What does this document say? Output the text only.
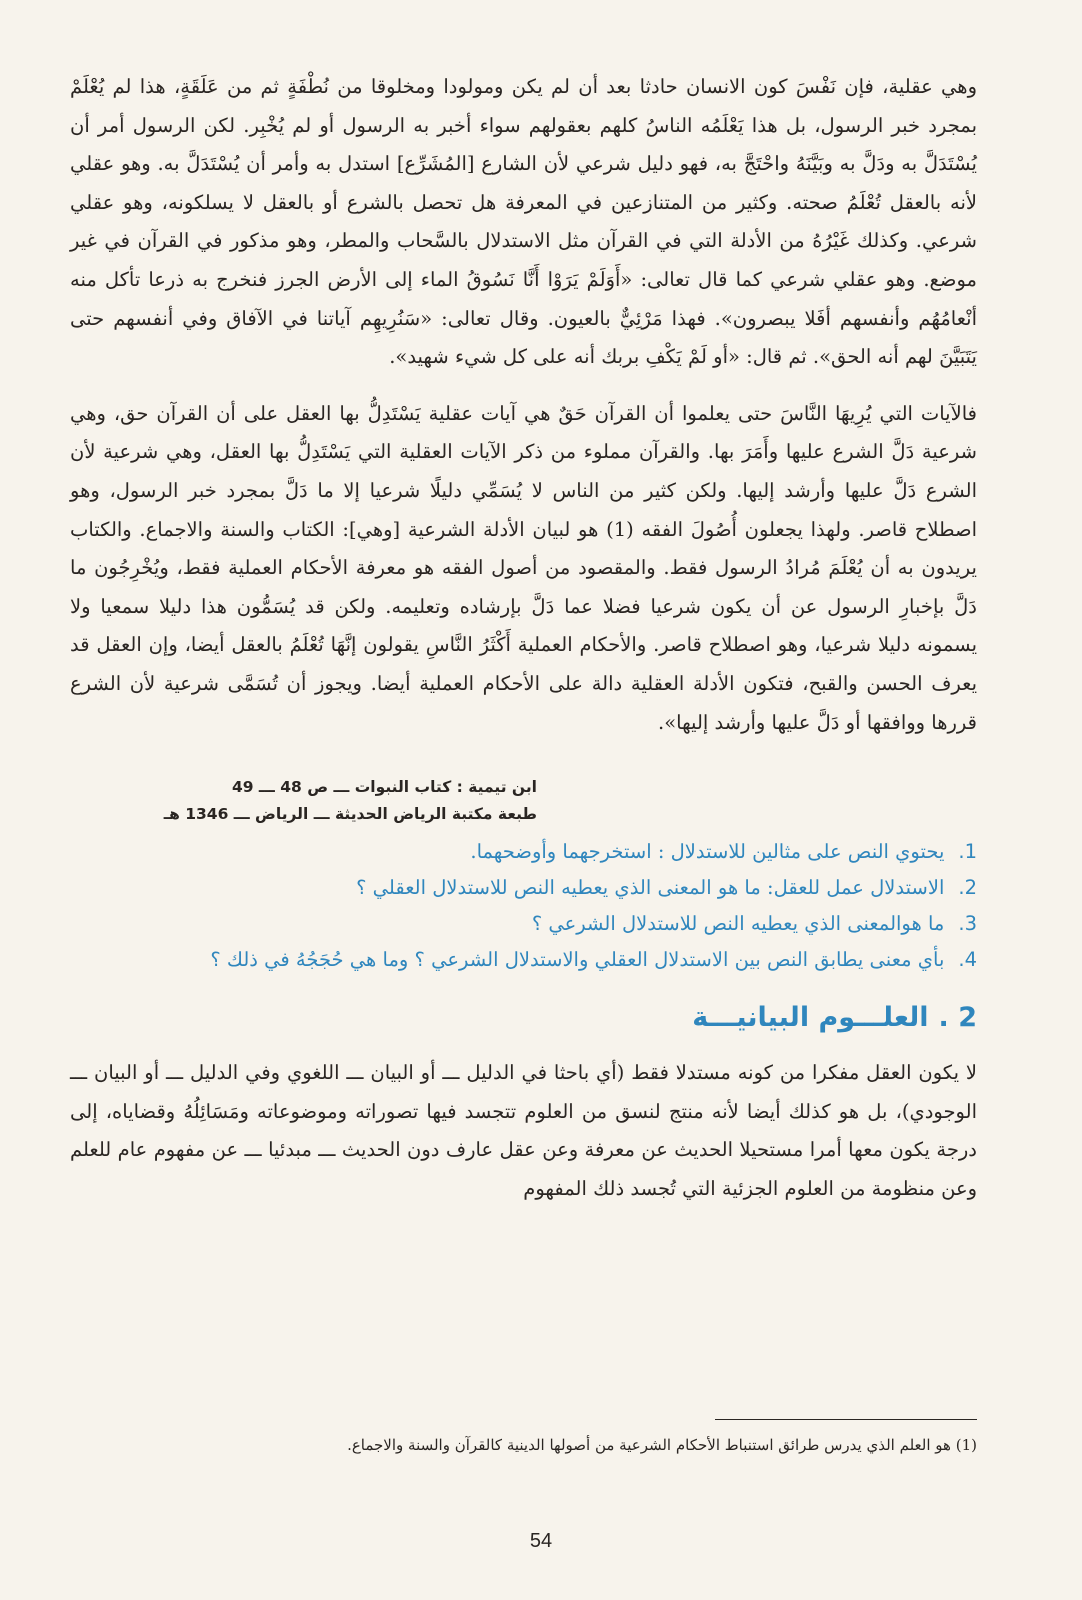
وهي عقلية، فإن نَفْسَ كون الانسان حادثا بعد أن لم يكن ومولودا ومخلوقا من نُطْفَةٍ ثم من عَلَقَةٍ، هذا لم يُعْلَمْ بمجرد خبر الرسول، بل هذا يَعْلَمُه الناسُ كلهم بعقولهم سواء أخبر به الرسول أو لم يُخْبِر. لكن الرسول أمر أن يُسْتَدَلَّ به ودَلَّ به وبَيَّنَهُ واحْتَجَّ به، فهو دليل شرعي لأن الشارع [المُشَرِّع] استدل به وأمر أن يُسْتَدَلَّ به. وهو عقلي لأنه بالعقل تُعْلَمُ صحته. وكثير من المتنازعين في المعرفة هل تحصل بالشرع أو بالعقل لا يسلكونه، وهو عقلي شرعي. وكذلك غَيْرُهُ من الأدلة التي في القرآن مثل الاستدلال بالسَّحاب والمطر، وهو مذكور في القرآن في غير موضع. وهو عقلي شرعي كما قال تعالى: «أَوَلَمْ يَرَوْا أَنَّا نَسُوقُ الماء إلى الأرض الجرز فنخرج به ذرعا تأكل منه أنْعامُهُم وأنفسهم أفَلا يبصرون». فهذا مَرْئِيٌّ بالعيون. وقال تعالى: «سَنُرِيهِم آياتنا في الآفاق وفي أنفسهم حتى يَتَبَيَّنَ لهم أنه الحق». ثم قال: «أو لَمْ يَكْفِ بربك أنه على كل شيء شهيد».

فالآيات التي يُرِيهَا النَّاسَ حتى يعلموا أن القرآن حَقٌ هي آيات عقلية يَسْتَدِلُّ بها العقل على أن القرآن حق، وهي شرعية دَلَّ الشرع عليها وأَمَرَ بها. والقرآن مملوء من ذكر الآيات العقلية التي يَسْتَدِلُّ بها العقل، وهي شرعية لأن الشرع دَلَّ عليها وأرشد إليها. ولكن كثير من الناس لا يُسَمِّي دليلًا شرعيا إلا ما دَلَّ بمجرد خبر الرسول، وهو اصطلاح قاصر. ولهذا يجعلون أُصُولَ الفقه (1) هو لبيان الأدلة الشرعية [وهي]: الكتاب والسنة والاجماع. والكتاب يريدون به أن يُعْلَمَ مُرادُ الرسول فقط. والمقصود من أصول الفقه هو معرفة الأحكام العملية فقط، ويُخْرِجُون ما دَلَّ بإخبارِ الرسول عن أن يكون شرعيا فضلا عما دَلَّ بإرشاده وتعليمه. ولكن قد يُسَمُّون هذا دليلا سمعيا ولا يسمونه دليلا شرعيا، وهو اصطلاح قاصر. والأحكام العملية أَكْثَرُ النَّاسِ يقولون إنَّهَا تُعْلَمُ بالعقل أيضا، وإن العقل قد يعرف الحسن والقبح، فتكون الأدلة العقلية دالة على الأحكام العملية أيضا. ويجوز أن تُسَمَّى شرعية لأن الشرع قررها ووافقها أو دَلَّ عليها وأرشد إليها».

ابن تيمية : كتاب النبوات ـــ ص 48 ـــ 49
طبعة مكتبة الرياض الحديثة ـــ الرياض ـــ 1346 هـ
1.يحتوي النص على مثالين للاستدلال : استخرجهما وأوضحهما.
2.الاستدلال عمل للعقل: ما هو المعنى الذي يعطيه النص للاستدلال العقلي ؟
3.ما هوالمعنى الذي يعطيه النص للاستدلال الشرعي ؟
4.بأي معنى يطابق النص بين الاستدلال العقلي والاستدلال الشرعي ؟ وما هي حُجَجُهُ في ذلك ؟
2 .العلـــوم البيانيـــة

لا يكون العقل مفكرا من كونه مستدلا فقط (أي باحثا في الدليل ـــ أو البيان ـــ اللغوي وفي الدليل ـــ أو البيان ـــ الوجودي)، بل هو كذلك أيضا لأنه منتج لنسق من العلوم تتجسد فيها تصوراته وموضوعاته ومَسَائِلُهُ وقضاياه، إلى درجة يكون معها أمرا مستحيلا الحديث عن معرفة وعن عقل عارف دون الحديث ـــ مبدئيا ـــ عن مفهوم عام للعلم وعن منظومة من العلوم الجزئية التي تُجسد ذلك المفهوم

(1) هو العلم الذي يدرس طرائق استنباط الأحكام الشرعية من أصولها الدينية كالقرآن والسنة والاجماع.
54
